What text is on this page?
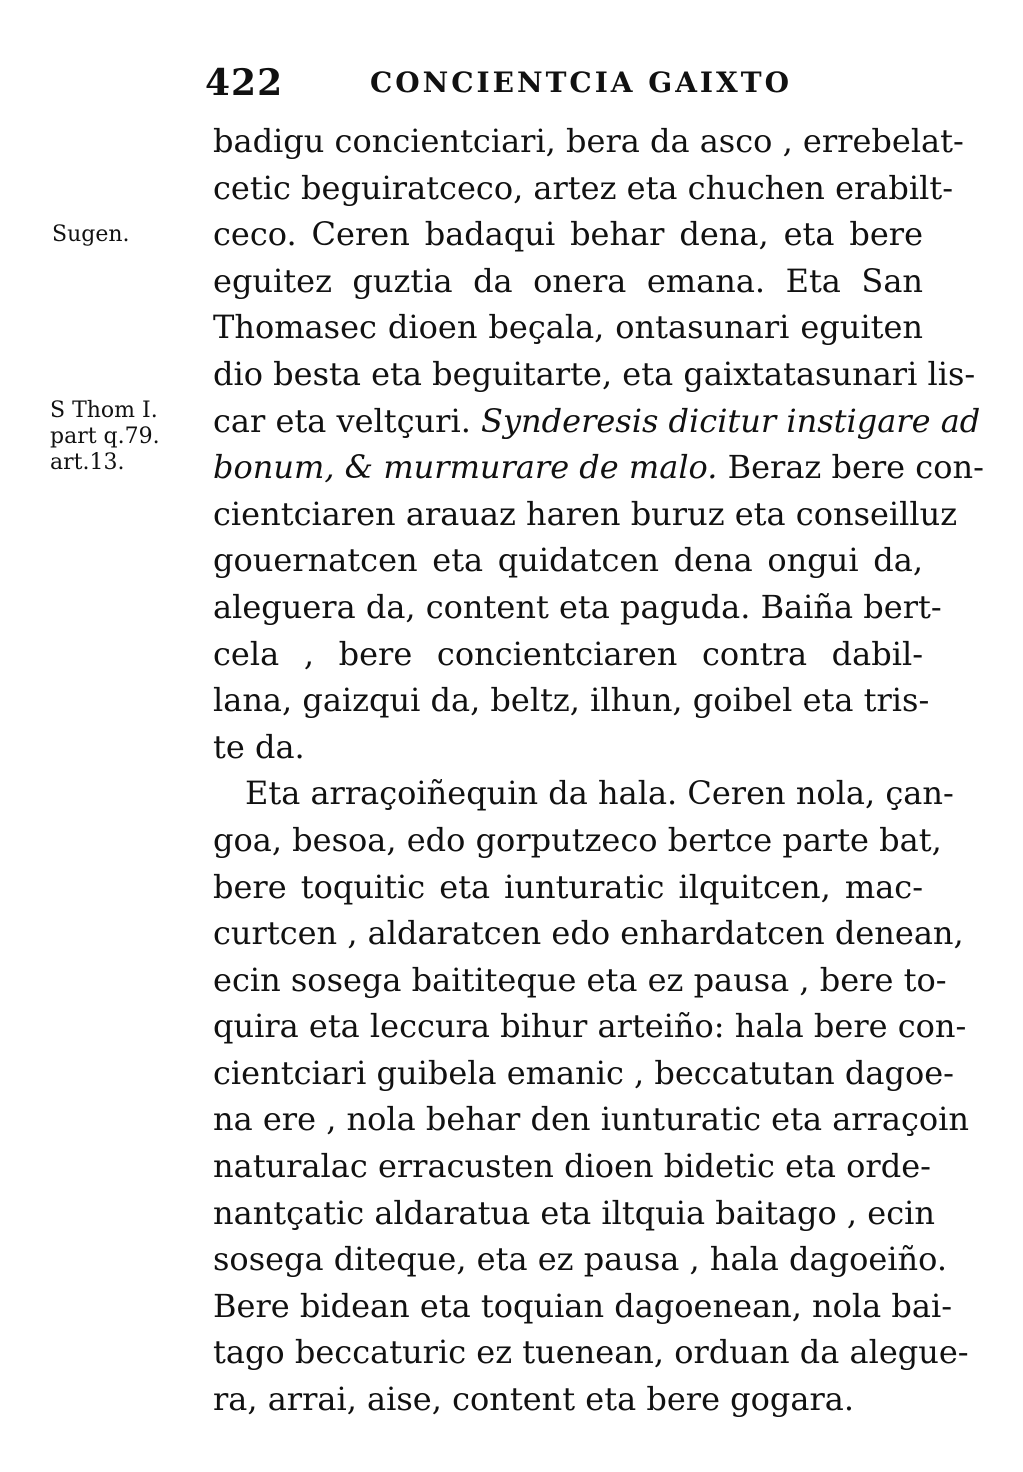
422	CONCIENTCIA GAIXTO
Sugen.
S Thom I.
part q.79.
art.13.
badigu concientciari, bera da asco , errebelat-
cetic beguiratceco, artez eta chuchen erabilt-
ceco. Ceren badaqui behar dena, eta bere
eguitez guztia da onera emana. Eta San
Thomasec dioen beçala, ontasunari eguiten
dio besta eta beguitarte, eta gaixtatasunari lis-
car eta veltçuri. Synderesis dicitur instigare ad
bonum, & murmurare de malo. Beraz bere con-
cientciaren arauaz haren buruz eta conseilluz
gouernatcen eta quidatcen dena ongui da,
aleguera da, content eta paguda. Baiña bert-
cela , bere concientciaren contra dabil-
lana, gaizqui da, beltz, ilhun, goibel eta tris-
te da.
Eta arraçoiñequin da hala. Ceren nola, çan-
goa, besoa, edo gorputzeco bertce parte bat,
bere toquitic eta iunturatic ilquitcen, mac-
curtcen , aldaratcen edo enhardatcen denean,
ecin sosega baititeque eta ez pausa , bere to-
quira eta leccura bihur arteiño: hala bere con-
cientciari guibela emanic , beccatutan dagoe-
na ere , nola behar den iunturatic eta arraçoin
naturalac erracusten dioen bidetic eta orde-
nantçatic aldaratua eta iltquia baitago , ecin
sosega diteque, eta ez pausa , hala dagoeiño.
Bere bidean eta toquian dagoenean, nola bai-
tago beccaturic ez tuenean, orduan da alegue-
ra, arrai, aise, content eta bere gogara.
